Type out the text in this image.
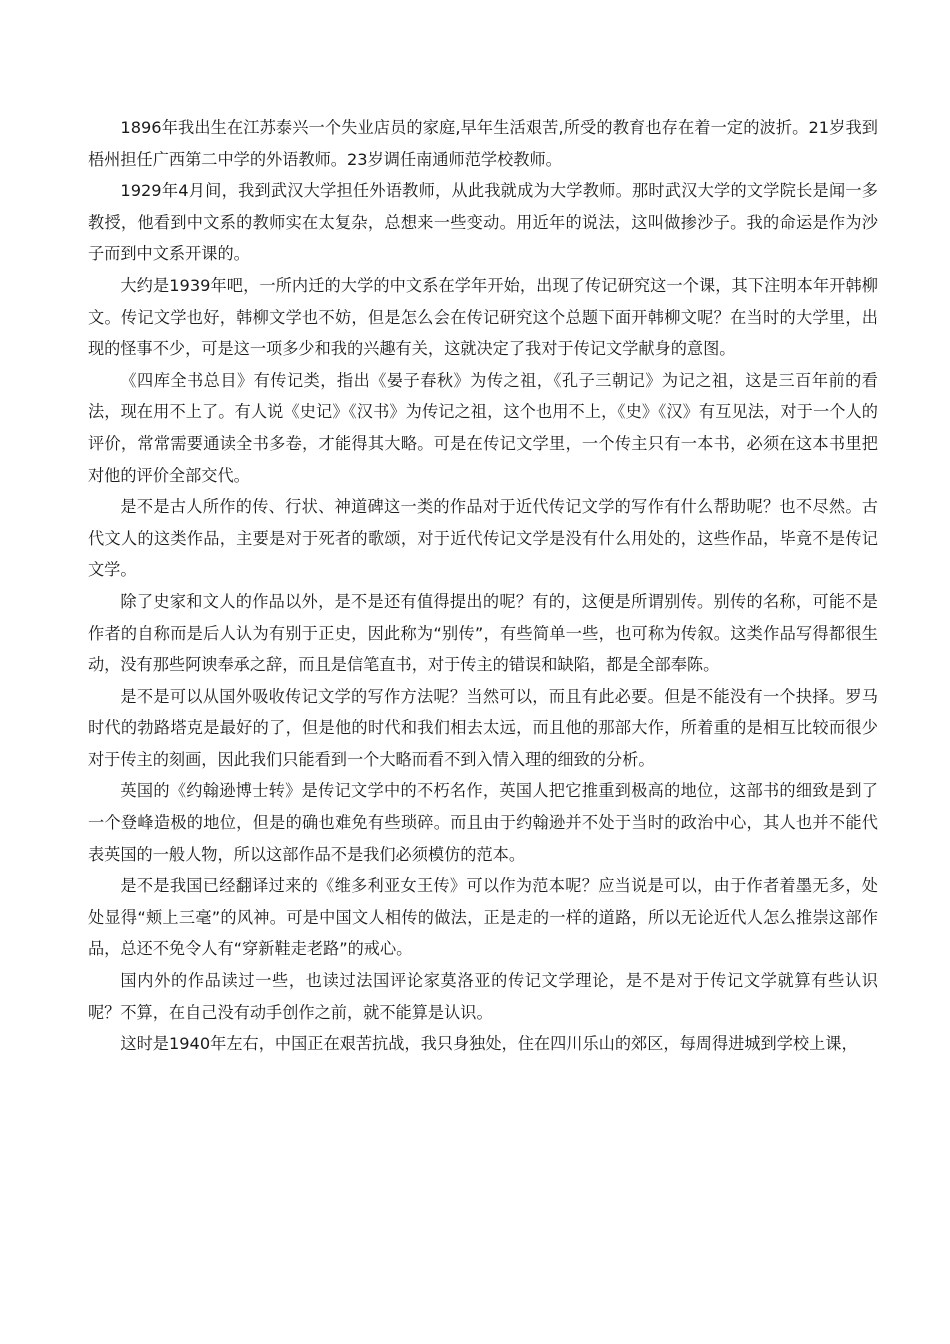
1896年我出生在江苏泰兴一个失业店员的家庭,早年生活艰苦,所受的教育也存在着一定的波折。21岁我到梧州担任广西第二中学的外语教师。23岁调任南通师范学校教师。

1929年4月间，我到武汉大学担任外语教师，从此我就成为大学教师。那时武汉大学的文学院长是闻一多教授，他看到中文系的教师实在太复杂，总想来一些变动。用近年的说法，这叫做掺沙子。我的命运是作为沙子而到中文系开课的。

大约是1939年吧，一所内迁的大学的中文系在学年开始，出现了传记研究这一个课，其下注明本年开韩柳文。传记文学也好，韩柳文学也不妨，但是怎么会在传记研究这个总题下面开韩柳文呢？在当时的大学里，出现的怪事不少，可是这一项多少和我的兴趣有关，这就决定了我对于传记文学献身的意图。

《四库全书总目》有传记类，指出《晏子春秋》为传之祖，《孔子三朝记》为记之祖，这是三百年前的看法，现在用不上了。有人说《史记》《汉书》为传记之祖，这个也用不上，《史》《汉》有互见法，对于一个人的评价，常常需要通读全书多卷，才能得其大略。可是在传记文学里，一个传主只有一本书，必须在这本书里把对他的评价全部交代。

是不是古人所作的传、行状、神道碑这一类的作品对于近代传记文学的写作有什么帮助呢？也不尽然。古代文人的这类作品，主要是对于死者的歌颂，对于近代传记文学是没有什么用处的，这些作品，毕竟不是传记文学。

除了史家和文人的作品以外，是不是还有值得提出的呢？有的，这便是所谓别传。别传的名称，可能不是作者的自称而是后人认为有别于正史，因此称为“别传”，有些简单一些，也可称为传叙。这类作品写得都很生动，没有那些阿谀奉承之辞，而且是信笔直书，对于传主的错误和缺陷，都是全部奉陈。

是不是可以从国外吸收传记文学的写作方法呢？当然可以，而且有此必要。但是不能没有一个抉择。罗马时代的勃路塔克是最好的了，但是他的时代和我们相去太远，而且他的那部大作，所着重的是相互比较而很少对于传主的刻画，因此我们只能看到一个大略而看不到入情入理的细致的分析。

英国的《约翰逊博士转》是传记文学中的不朽名作，英国人把它推重到极高的地位，这部书的细致是到了一个登峰造极的地位，但是的确也难免有些琐碎。而且由于约翰逊并不处于当时的政治中心，其人也并不能代表英国的一般人物，所以这部作品不是我们必须模仿的范本。

是不是我国已经翻译过来的《维多利亚女王传》可以作为范本呢？应当说是可以，由于作者着墨无多，处处显得“颊上三毫”的风神。可是中国文人相传的做法，正是走的一样的道路，所以无论近代人怎么推崇这部作品，总还不免令人有“穿新鞋走老路”的戒心。

国内外的作品读过一些，也读过法国评论家莫洛亚的传记文学理论，是不是对于传记文学就算有些认识呢？不算，在自己没有动手创作之前，就不能算是认识。

这时是1940年左右，中国正在艰苦抗战，我只身独处，住在四川乐山的郊区，每周得进城到学校上课，
